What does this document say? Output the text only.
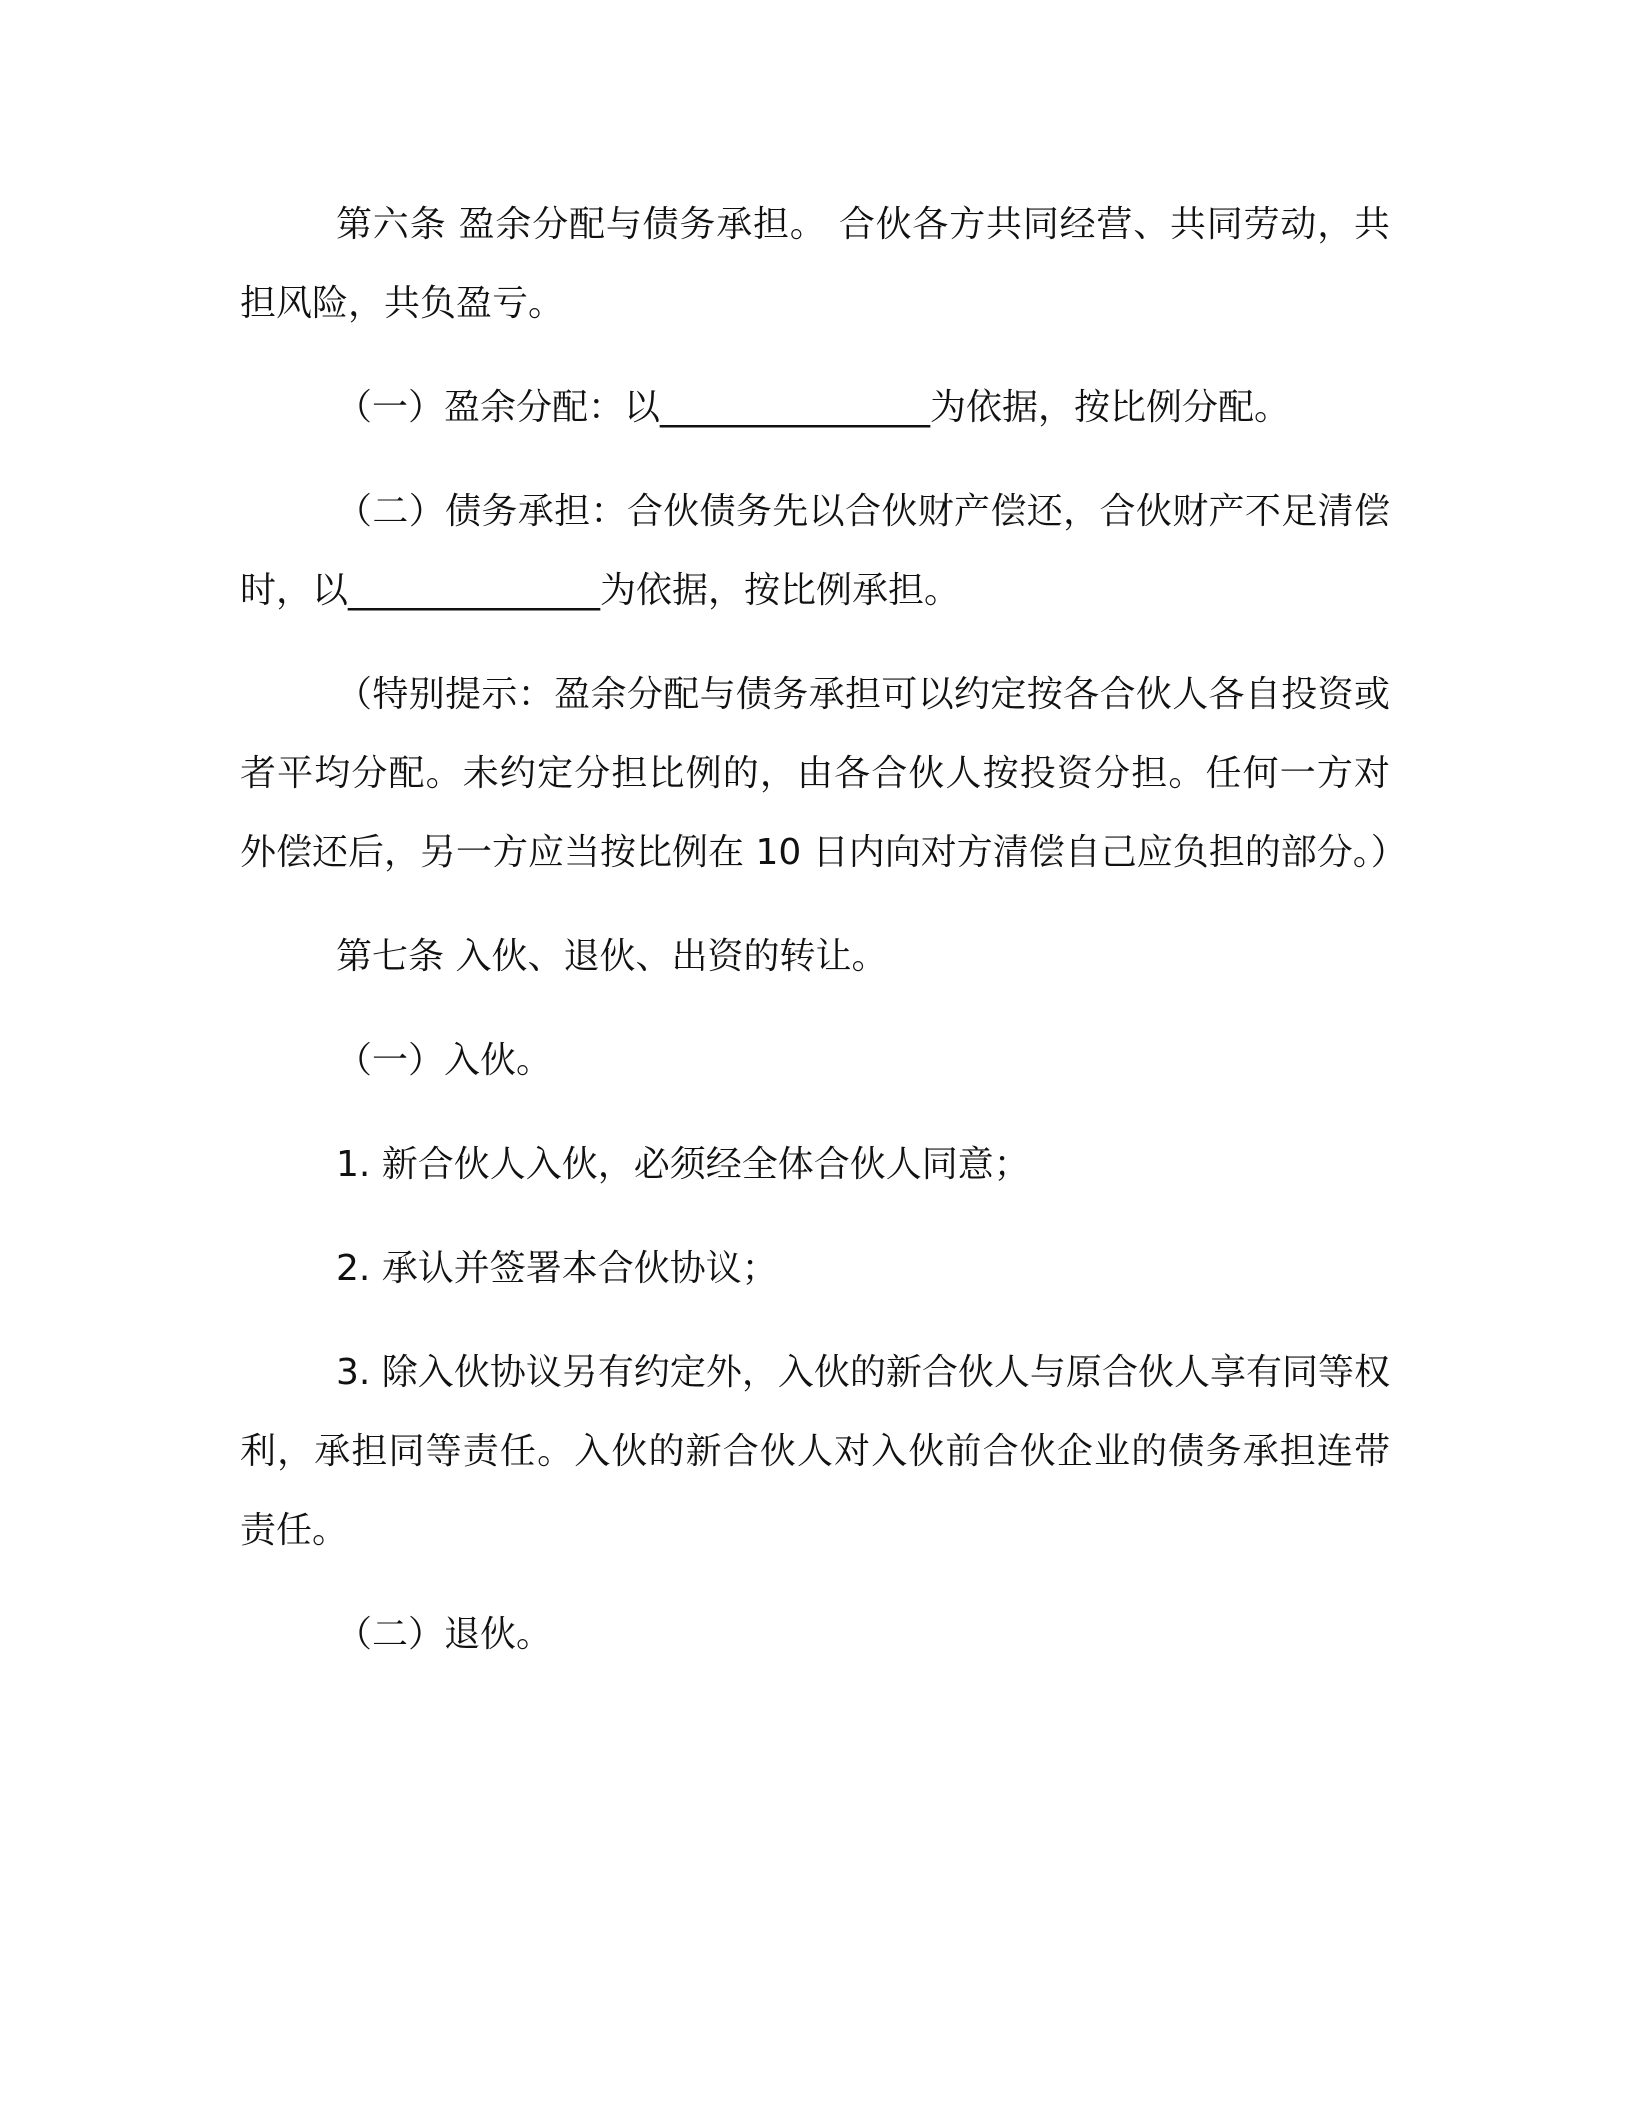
第六条 盈余分配与债务承担。 合伙各方共同经营、共同劳动，共担风险，共负盈亏。

（一）盈余分配：以_______________为依据，按比例分配。

（二）债务承担：合伙债务先以合伙财产偿还，合伙财产不足清偿时，以______________为依据，按比例承担。

（特别提示：盈余分配与债务承担可以约定按各合伙人各自投资或者平均分配。未约定分担比例的，由各合伙人按投资分担。任何一方对外偿还后，另一方应当按比例在 10 日内向对方清偿自己应负担的部分。）

第七条 入伙、退伙、出资的转让。

（一）入伙。

1. 新合伙人入伙，必须经全体合伙人同意；

2. 承认并签署本合伙协议；

3. 除入伙协议另有约定外，入伙的新合伙人与原合伙人享有同等权利，承担同等责任。入伙的新合伙人对入伙前合伙企业的债务承担连带责任。

（二）退伙。
